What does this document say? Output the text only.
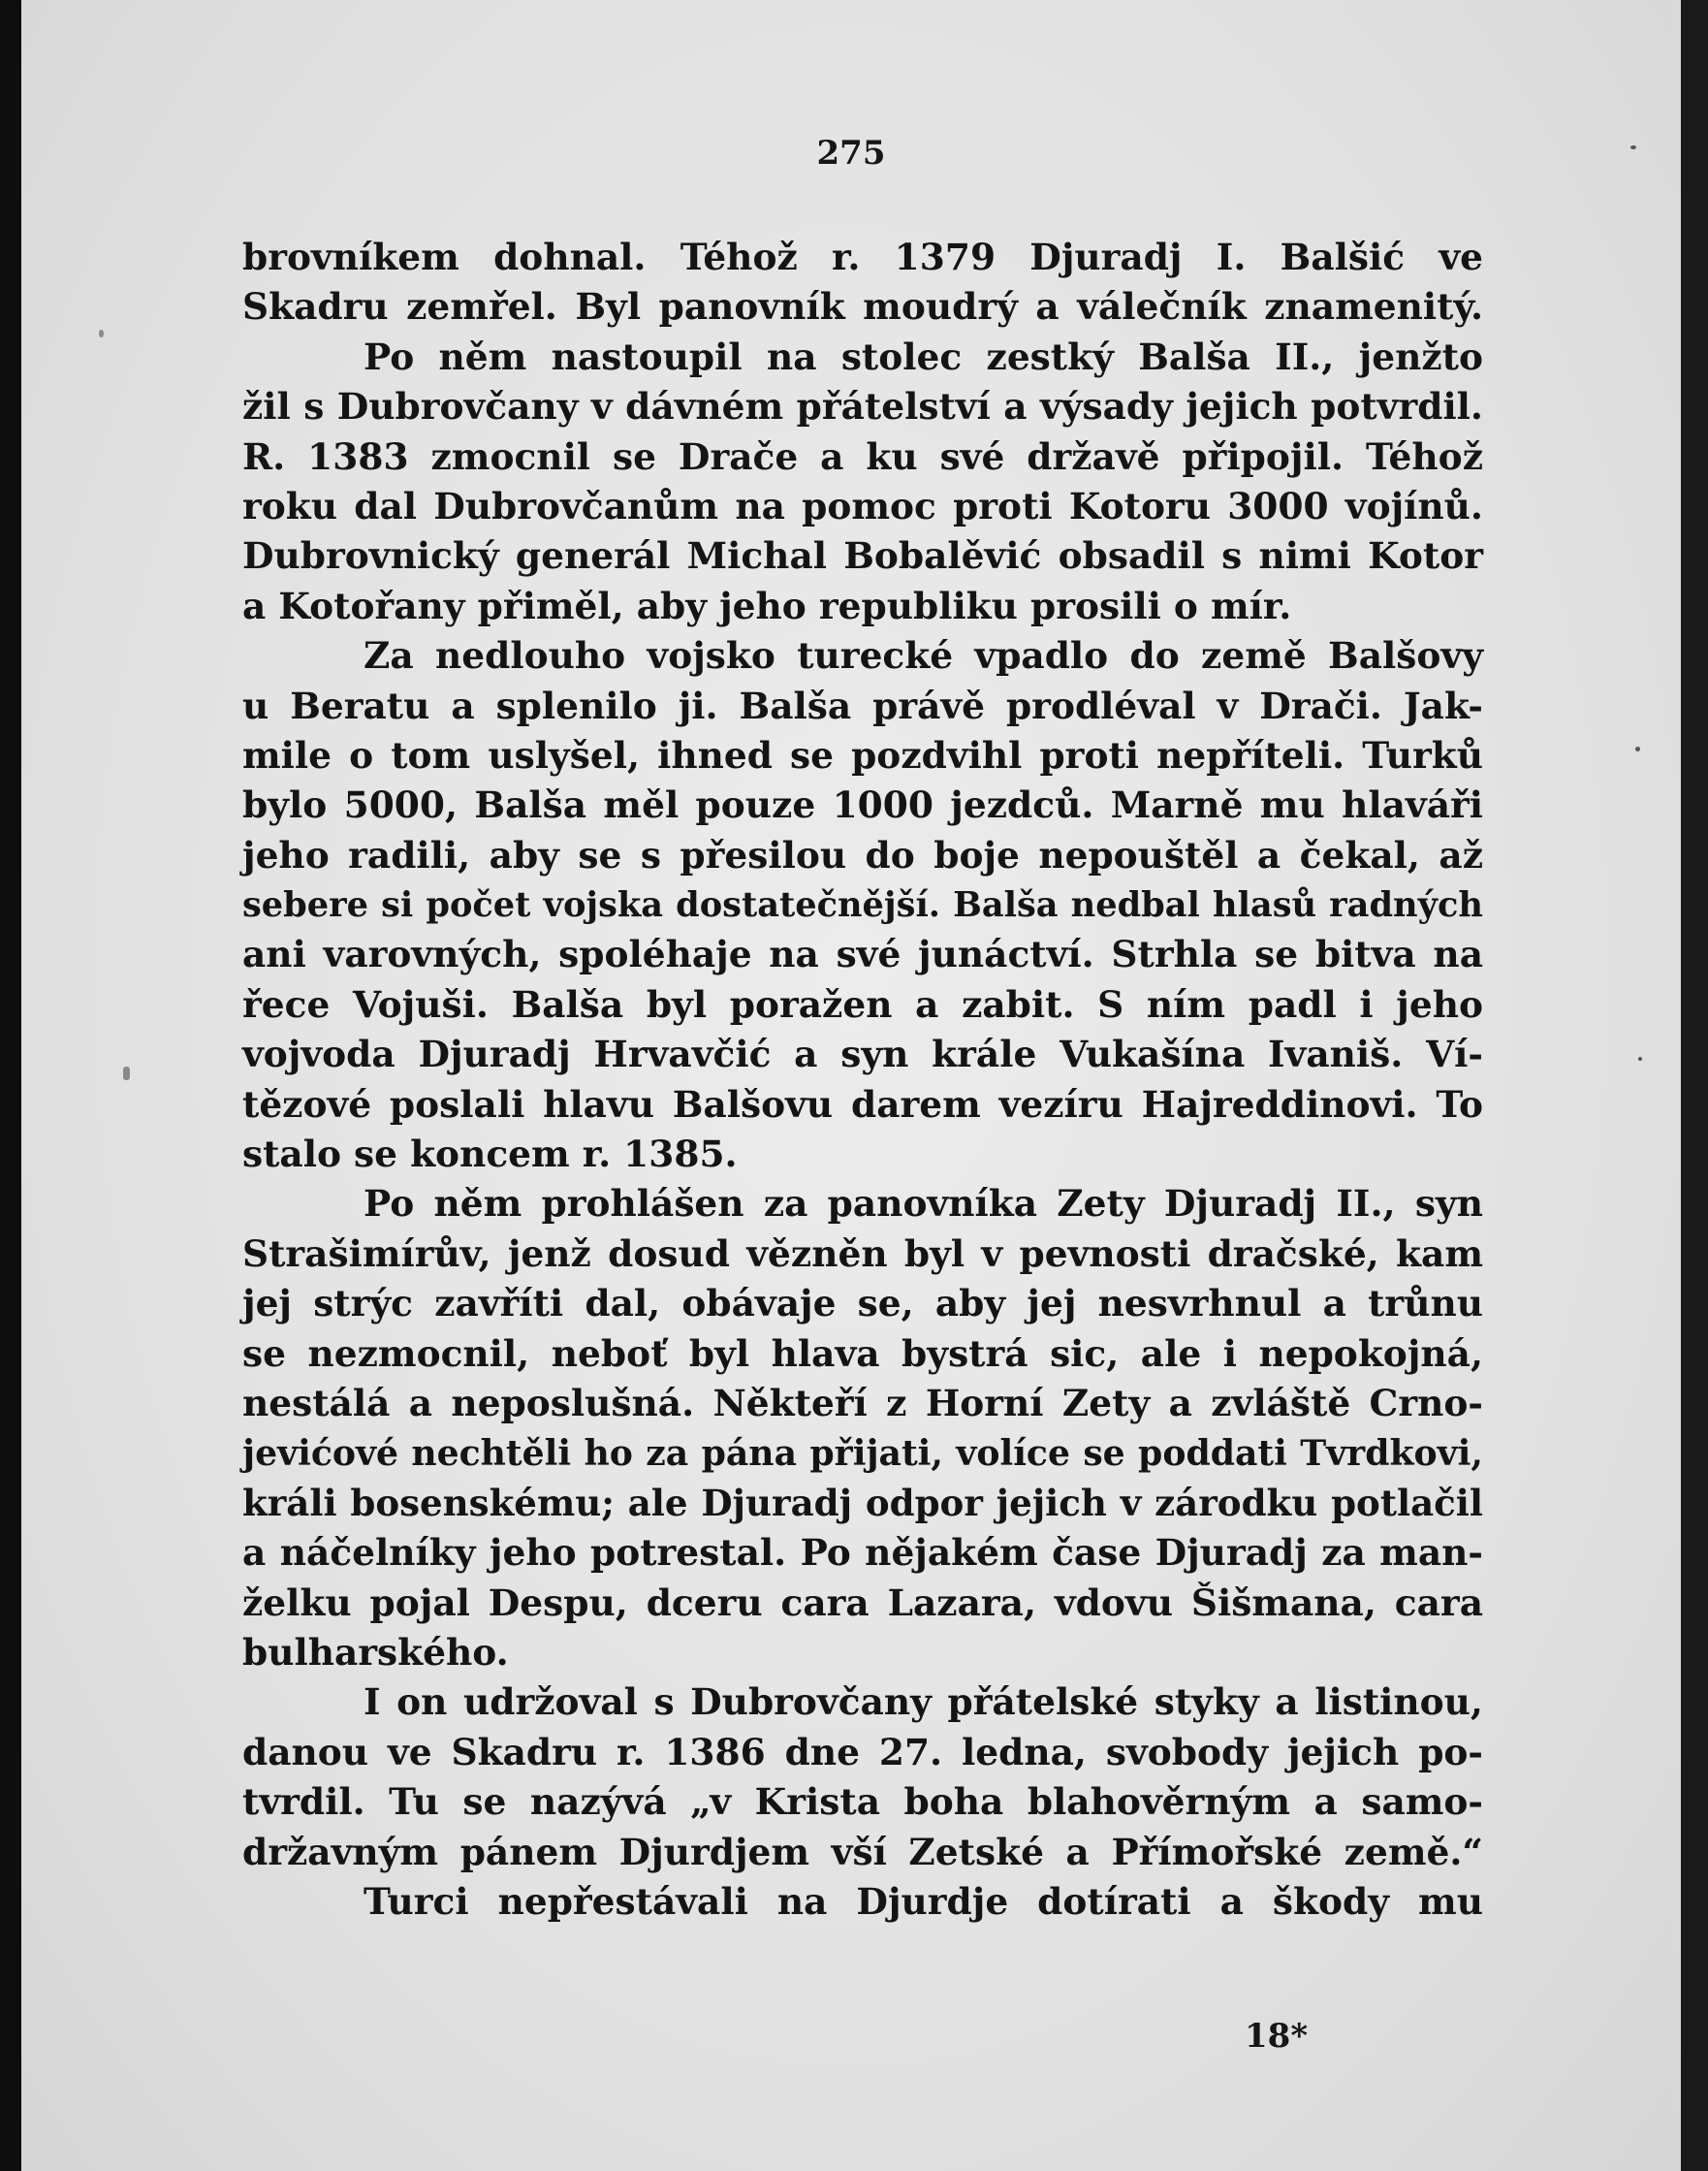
275
brovníkem dohnal. Téhož r. 1379 Djuradj I. Balšić ve
Skadru zemřel. Byl panovník moudrý a válečník znamenitý.
Po něm nastoupil na stolec zestký Balša II., jenžto
žil s Dubrovčany v dávném přátelství a výsady jejich potvrdil.
R. 1383 zmocnil se Drače a ku své državě připojil. Téhož
roku dal Dubrovčanům na pomoc proti Kotoru 3000 vojínů.
Dubrovnický generál Michal Bobalěvić obsadil s nimi Kotor
a Kotořany přiměl, aby jeho republiku prosili o mír.
Za nedlouho vojsko turecké vpadlo do země Balšovy
u Beratu a splenilo ji. Balša právě prodléval v Drači. Jak-
mile o tom uslyšel, ihned se pozdvihl proti nepříteli. Turků
bylo 5000, Balša měl pouze 1000 jezdců. Marně mu hlaváři
jeho radili, aby se s přesilou do boje nepouštěl a čekal, až
sebere si počet vojska dostatečnější. Balša nedbal hlasů radných
ani varovných, spoléhaje na své junáctví. Strhla se bitva na
řece Vojuši. Balša byl poražen a zabit. S ním padl i jeho
vojvoda Djuradj Hrvavčić a syn krále Vukašína Ivaniš. Ví-
tězové poslali hlavu Balšovu darem vezíru Hajreddinovi. To
stalo se koncem r. 1385.
Po něm prohlášen za panovníka Zety Djuradj II., syn
Strašimírův, jenž dosud vězněn byl v pevnosti dračské, kam
jej strýc zavříti dal, obávaje se, aby jej nesvrhnul a trůnu
se nezmocnil, neboť byl hlava bystrá sic, ale i nepokojná,
nestálá a neposlušná. Někteří z Horní Zety a zvláště Crno-
jevićové nechtěli ho za pána přijati, volíce se poddati Tvrdkovi,
králi bosenskému; ale Djuradj odpor jejich v zárodku potlačil
a náčelníky jeho potrestal. Po nějakém čase Djuradj za man-
želku pojal Despu, dceru cara Lazara, vdovu Šišmana, cara
bulharského.
I on udržoval s Dubrovčany přátelské styky a listinou,
danou ve Skadru r. 1386 dne 27. ledna, svobody jejich po-
tvrdil. Tu se nazývá „v Krista boha blahověrným a samo-
državným pánem Djurdjem vší Zetské a Přímořské země.“
Turci nepřestávali na Djurdje dotírati a škody mu
18*
